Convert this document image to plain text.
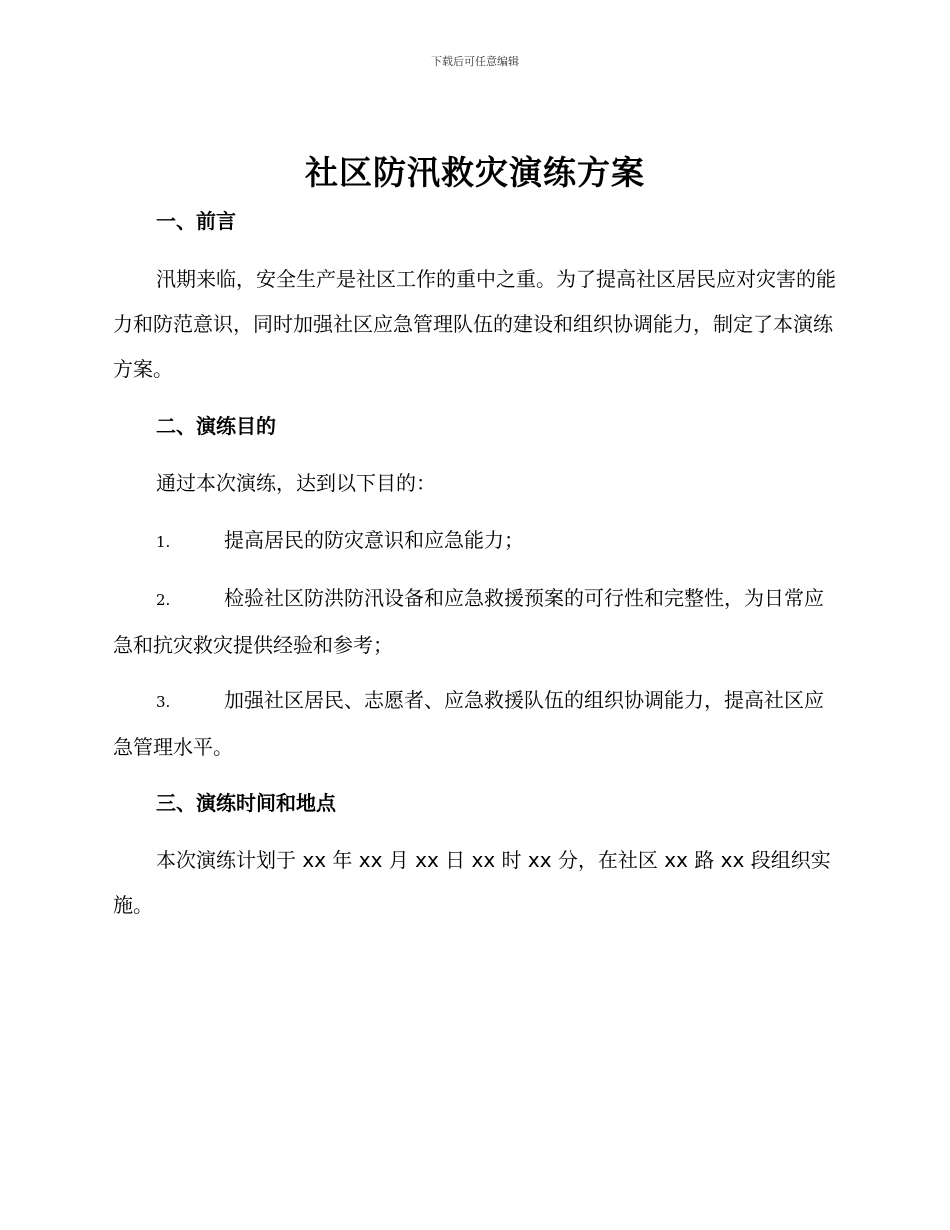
下载后可任意编辑
社区防汛救灾演练方案
一、前言

汛期来临，安全生产是社区工作的重中之重。为了提高社区居民应对灾害的能力和防范意识，同时加强社区应急管理队伍的建设和组织协调能力，制定了本演练方案。

二、演练目的

通过本次演练，达到以下目的：

1.	提高居民的防灾意识和应急能力；

2.	检验社区防洪防汛设备和应急救援预案的可行性和完整性，为日常应急和抗灾救灾提供经验和参考；

3.	加强社区居民、志愿者、应急救援队伍的组织协调能力，提高社区应急管理水平。

三、演练时间和地点

本次演练计划于 xx 年 xx 月 xx 日 xx 时 xx 分，在社区 xx 路 xx 段组织实施。
